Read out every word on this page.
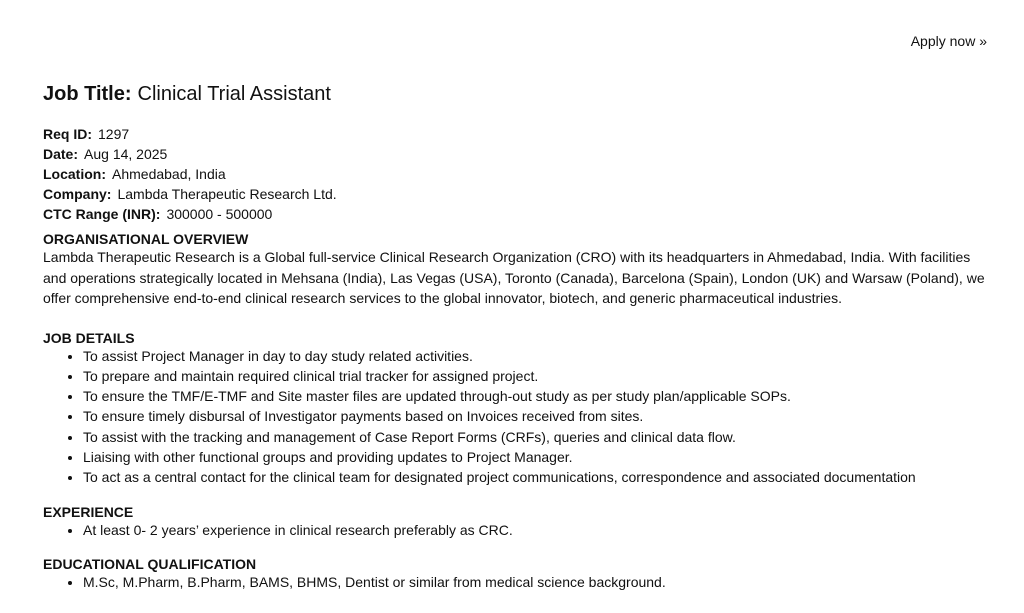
Apply now »
Job Title: Clinical Trial Assistant
Req ID: 1297
Date: Aug 14, 2025
Location: Ahmedabad, India
Company: Lambda Therapeutic Research Ltd.
CTC Range (INR): 300000 - 500000

ORGANISATIONAL OVERVIEW

Lambda Therapeutic Research is a Global full-service Clinical Research Organization (CRO) with its headquarters in Ahmedabad, India. With facilities and operations strategically located in Mehsana (India), Las Vegas (USA), Toronto (Canada), Barcelona (Spain), London (UK) and Warsaw (Poland), we offer comprehensive end-to-end clinical research services to the global innovator, biotech, and generic pharmaceutical industries.

JOB DETAILS

• To assist Project Manager in day to day study related activities.
• To prepare and maintain required clinical trial tracker for assigned project.
• To ensure the TMF/E-TMF and Site master files are updated through-out study as per study plan/applicable SOPs.
• To ensure timely disbursal of Investigator payments based on Invoices received from sites.
• To assist with the tracking and management of Case Report Forms (CRFs), queries and clinical data flow.
• Liaising with other functional groups and providing updates to Project Manager.
• To act as a central contact for the clinical team for designated project communications, correspondence and associated documentation

EXPERIENCE

• At least 0- 2 years’ experience in clinical research preferably as CRC.

EDUCATIONAL QUALIFICATION

• M.Sc, M.Pharm, B.Pharm, BAMS, BHMS, Dentist or similar from medical science background.
